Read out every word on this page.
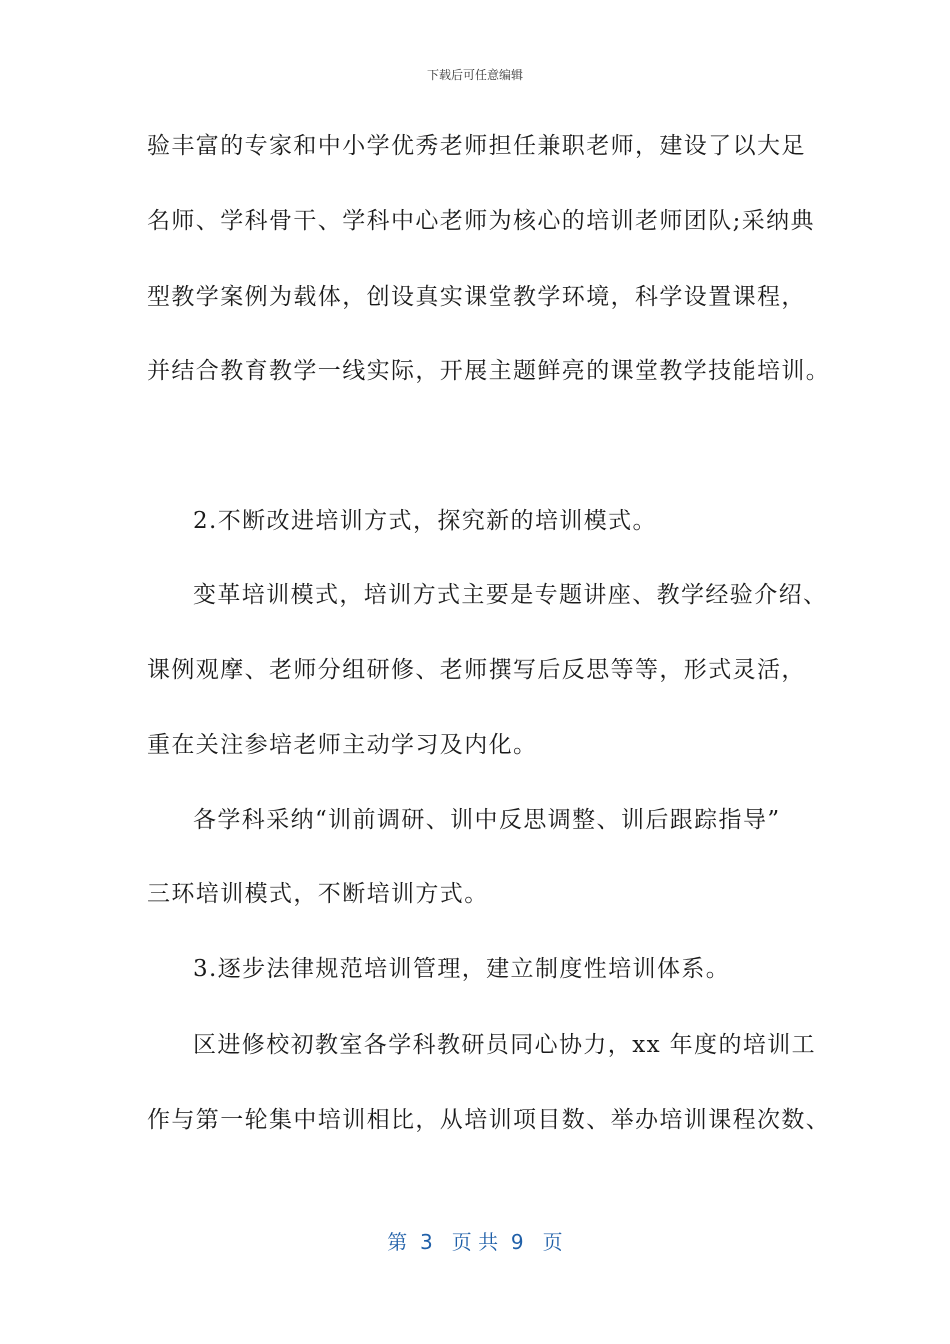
下载后可任意编辑
验丰富的专家和中小学优秀老师担任兼职老师，建设了以大足
名师、学科骨干、学科中心老师为核心的培训老师团队;采纳典
型教学案例为载体，创设真实课堂教学环境，科学设置课程，
并结合教育教学一线实际，开展主题鲜亮的课堂教学技能培训。
2.不断改进培训方式，探究新的培训模式。
变革培训模式，培训方式主要是专题讲座、教学经验介绍、
课例观摩、老师分组研修、老师撰写后反思等等，形式灵活，
重在关注参培老师主动学习及内化。
各学科采纳“训前调研、训中反思调整、训后跟踪指导”
三环培训模式，不断培训方式。
3.逐步法律规范培训管理，建立制度性培训体系。
区进修校初教室各学科教研员同心协力，xx 年度的培训工
作与第一轮集中培训相比，从培训项目数、举办培训课程次数、
第  3   页 共  9   页
